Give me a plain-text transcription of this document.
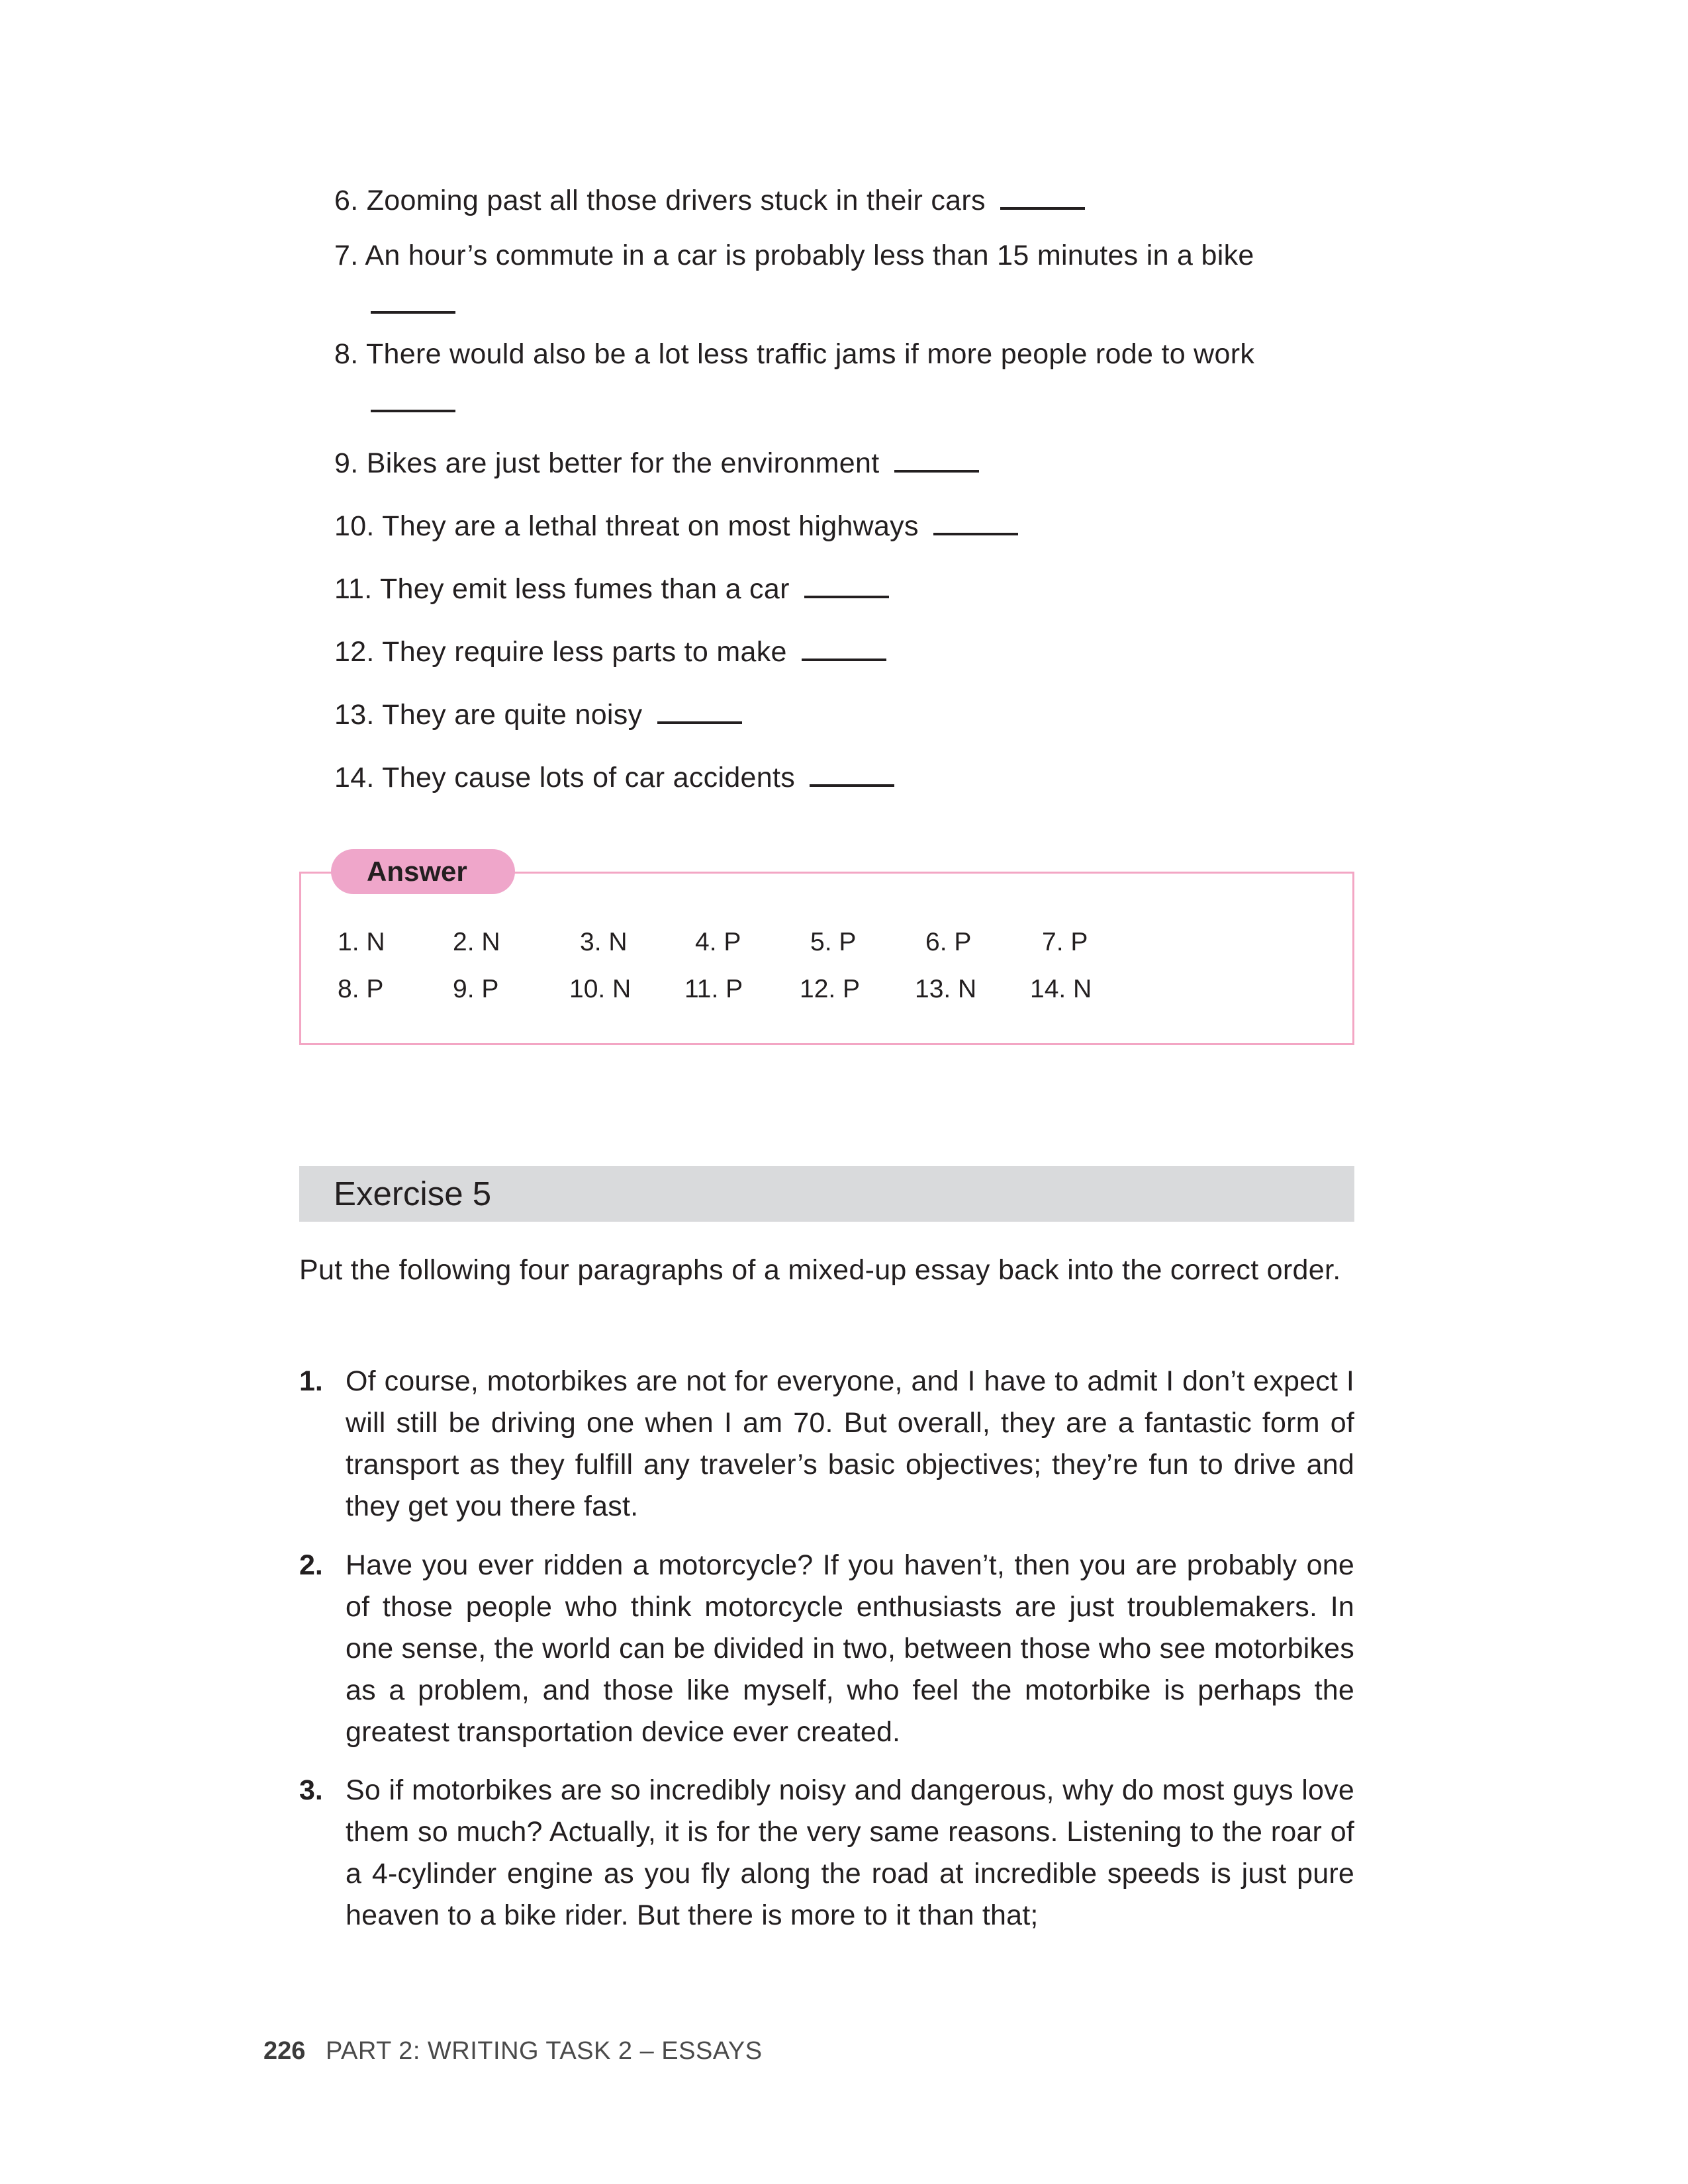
6. Zooming past all those drivers stuck in their cars
7. An hour’s commute in a car is probably less than 15 minutes in a bike
8. There would also be a lot less traffic jams if more people rode to work
9. Bikes are just better for the environment
10. They are a lethal threat on most highways
11. They emit less fumes than a car
12. They require less parts to make
13. They are quite noisy
14. They cause lots of car accidents
Answer
1. N	2. N	3. N	4. P	5. P	6. P	7. P
8. P	9. P	10. N 11. P 12. P 13. N 14. N
Exercise 5
Put the following four paragraphs of a mixed-up essay back into the correct order.
1. Of course, motorbikes are not for everyone, and I have to admit I don’t expect I will still be driving one when I am 70. But overall, they are a fantastic form of transport as they fulfill any traveler’s basic objectives; they’re fun to drive and they get you there fast.
2. Have you ever ridden a motorcycle? If you haven’t, then you are probably one of those people who think motorcycle enthusiasts are just troublemakers. In one sense, the world can be divided in two, between those who see motorbikes as a problem, and those like myself, who feel the motorbike is perhaps the greatest transportation device ever created.
3. So if motorbikes are so incredibly noisy and dangerous, why do most guys love them so much? Actually, it is for the very same reasons. Listening to the roar of a 4-cylinder engine as you fly along the road at incredible speeds is just pure heaven to a bike rider. But there is more to it than that;
226 PART 2: WRITING TASK 2 – ESSAYS
